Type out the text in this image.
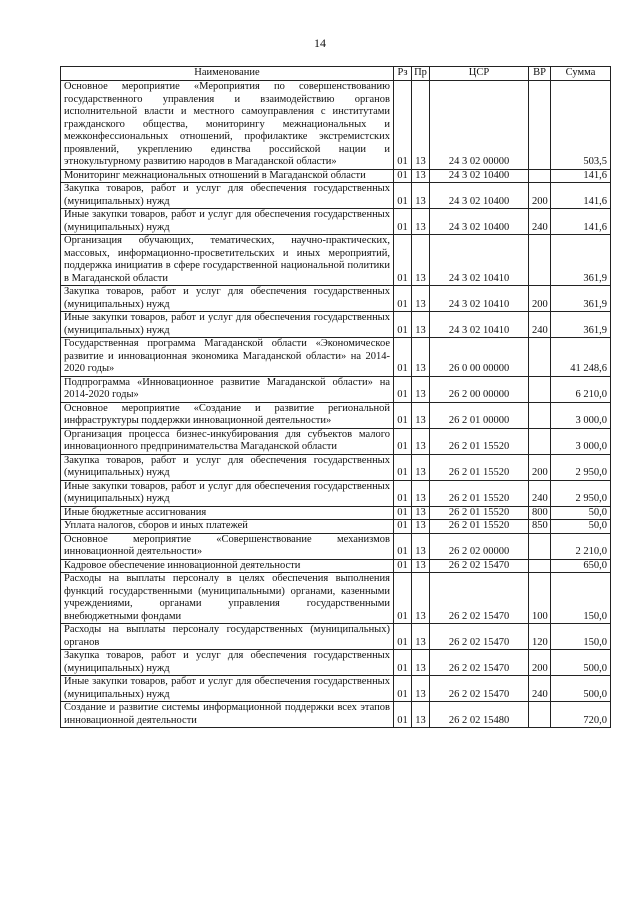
14
Наименование	Рз	Пр	ЦСР	ВР	Сумма
Основное мероприятие «Мероприятия по совершенствованию государственного управления и взаимодействию органов исполнительной власти и местного самоуправления с институтами гражданского общества, мониторингу межнациональных и межконфессиональных отношений, профилактике экстремистских проявлений, укреплению единства российской нации и этнокультурному развитию народов в Магаданской области»	01	13	24 3 02 00000		503,5
Мониторинг межнациональных отношений в Магаданской области	01	13	24 3 02 10400		141,6
Закупка товаров, работ и услуг для обеспечения государственных (муниципальных) нужд	01	13	24 3 02 10400	200	141,6
Иные закупки товаров, работ и услуг для обеспечения государственных (муниципальных) нужд	01	13	24 3 02 10400	240	141,6
Организация обучающих, тематических, научно-практических, массовых, информационно-просветительских и иных мероприятий, поддержка инициатив в сфере государственной национальной политики в Магаданской области	01	13	24 3 02 10410		361,9
Закупка товаров, работ и услуг для обеспечения государственных (муниципальных) нужд	01	13	24 3 02 10410	200	361,9
Иные закупки товаров, работ и услуг для обеспечения государственных (муниципальных) нужд	01	13	24 3 02 10410	240	361,9
Государственная программа Магаданской области «Экономическое развитие и инновационная экономика Магаданской области» на 2014-2020 годы»	01	13	26 0 00 00000		41 248,6
Подпрограмма «Инновационное развитие Магаданской области» на 2014-2020 годы»	01	13	26 2 00 00000		6 210,0
Основное мероприятие «Создание и развитие региональной инфраструктуры поддержки инновационной деятельности»	01	13	26 2 01 00000		3 000,0
Организация процесса бизнес-инкубирования для субъектов малого инновационного предпринимательства Магаданской области	01	13	26 2 01 15520		3 000,0
Закупка товаров, работ и услуг для обеспечения государственных (муниципальных) нужд	01	13	26 2 01 15520	200	2 950,0
Иные закупки товаров, работ и услуг для обеспечения государственных (муниципальных) нужд	01	13	26 2 01 15520	240	2 950,0
Иные бюджетные ассигнования	01	13	26 2 01 15520	800	50,0
Уплата налогов, сборов и иных платежей	01	13	26 2 01 15520	850	50,0
Основное мероприятие «Совершенствование механизмов инновационной деятельности»	01	13	26 2 02 00000		2 210,0
Кадровое обеспечение инновационной деятельности	01	13	26 2 02 15470		650,0
Расходы на выплаты персоналу в целях обеспечения выполнения функций государственными (муниципальными) органами, казенными учреждениями, органами управления государственными внебюджетными фондами	01	13	26 2 02 15470	100	150,0
Расходы на выплаты персоналу государственных (муниципальных) органов	01	13	26 2 02 15470	120	150,0
Закупка товаров, работ и услуг для обеспечения государственных (муниципальных) нужд	01	13	26 2 02 15470	200	500,0
Иные закупки товаров, работ и услуг для обеспечения государственных (муниципальных) нужд	01	13	26 2 02 15470	240	500,0
Создание и развитие системы информационной поддержки всех этапов инновационной деятельности	01	13	26 2 02 15480		720,0
